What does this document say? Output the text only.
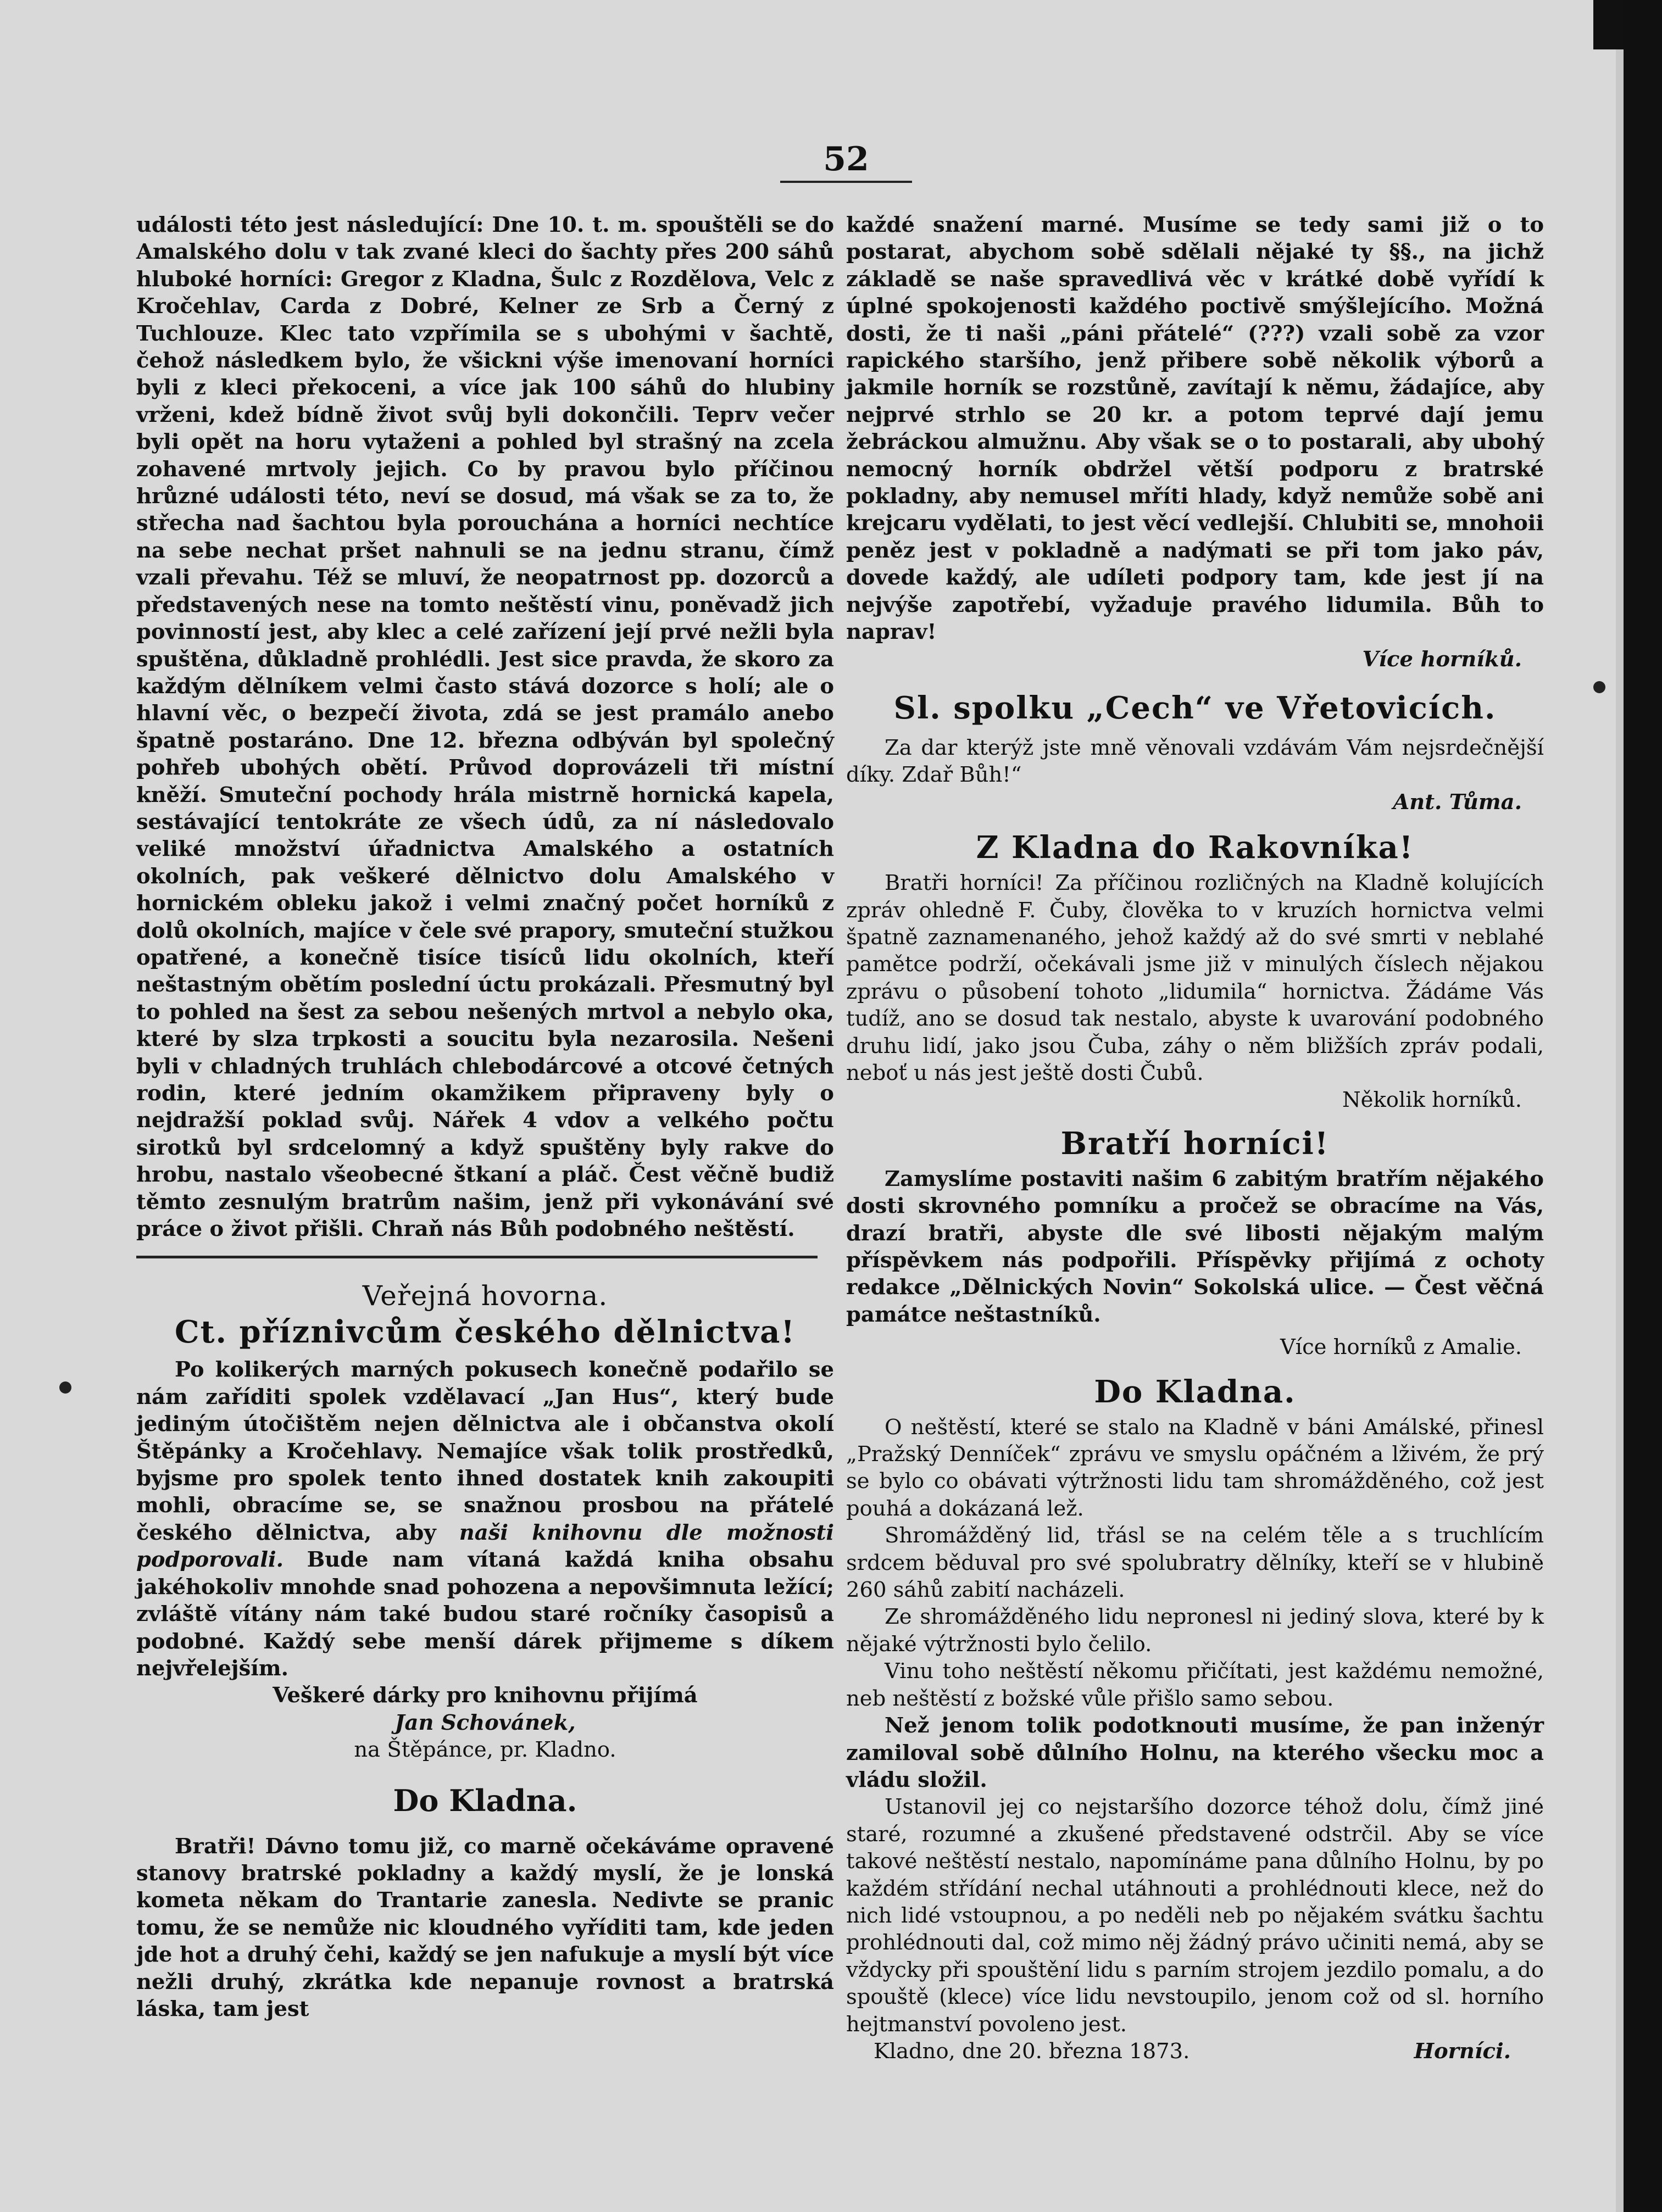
52

události této jest následující: Dne 10. t. m. spouštěli se do Amalského dolu v tak zvané kleci do šachty přes 200 sáhů hluboké horníci: Gregor z Kladna, Šulc z Rozdělova, Velc z Kročehlav, Carda z Dobré, Kelner ze Srb a Černý z Tuchlouze. Klec tato vzpřímila se s ubohými v šachtě, čehož následkem bylo, že všickni výše imenovaní horníci byli z kleci překoceni, a více jak 100 sáhů do hlubiny vrženi, kdež bídně život svůj byli dokončili. Teprv večer byli opět na horu vytaženi a pohled byl strašný na zcela zohavené mrtvoly jejich. Co by pravou bylo příčinou hrůzné události této, neví se dosud, má však se za to, že střecha nad šachtou byla porouchána a horníci nechtíce na sebe nechat pršet nahnuli se na jednu stranu, čímž vzali převahu. Též se mluví, že neopatrnost pp. dozorců a představených nese na tomto neštěstí vinu, poněvadž jich povinností jest, aby klec a celé zařízení její prvé nežli byla spuštěna, důkladně prohlédli. Jest sice pravda, že skoro za každým dělníkem velmi často stává dozorce s holí; ale o hlavní věc, o bezpečí života, zdá se jest pramálo anebo špatně postaráno. Dne 12. března odbýván byl společný pohřeb ubohých obětí. Průvod doprovázeli tři místní kněží. Smuteční pochody hrála mistrně hornická kapela, sestávající tentokráte ze všech údů, za ní následovalo veliké množství úřadnictva Amalského a ostatních okolních, pak veškeré dělnictvo dolu Amalského v hornickém obleku jakož i velmi značný počet horníků z dolů okolních, majíce v čele své prapory, smuteční stužkou opatřené, a konečně tisíce tisíců lidu okolních, kteří neštastným obětím poslední úctu prokázali. Přesmutný byl to pohled na šest za sebou nešených mrtvol a nebylo oka, které by slza trpkosti a soucitu byla nezarosila. Nešeni byli v chladných truhlách chlebodárcové a otcové četných rodin, které jedním okamžikem připraveny byly o nejdražší poklad svůj. Nářek 4 vdov a velkého počtu sirotků byl srdcelomný a když spuštěny byly rakve do hrobu, nastalo všeobecné štkaní a pláč. Čest věčně budiž těmto zesnulým bratrům našim, jenž při vykonávání své práce o život přišli. Chraň nás Bůh podobného neštěstí.

Veřejná hovorna.
Ct. příznivcům českého dělnictva!

Po kolikerých marných pokusech konečně podařilo se nám zaříditi spolek vzdělavací „Jan Hus“, který bude jediným útočištěm nejen dělnictva ale i občanstva okolí Štěpánky a Kročehlavy. Nemajíce však tolik prostředků, byjsme pro spolek tento ihned dostatek knih zakoupiti mohli, obracíme se, se snažnou prosbou na přátelé českého dělnictva, aby naši knihovnu dle možnosti podporovali. Bude nam vítaná každá kniha obsahu jakéhokoliv mnohde snad pohozena a nepovšimnuta ležící; zvláště vítány nám také budou staré ročníky časopisů a podobné. Každý sebe menší dárek přijmeme s díkem nejvřelejším.

Veškeré dárky pro knihovnu přijímá

Jan Schovánek,

na Štěpánce, pr. Kladno.

Do Kladna.

Bratři! Dávno tomu již, co marně očekáváme opravené stanovy bratrské pokladny a každý myslí, že je lonská kometa někam do Trantarie zanesla. Nedivte se pranic tomu, že se nemůže nic kloudného vyříditi tam, kde jeden jde hot a druhý čehi, každý se jen nafukuje a myslí být více nežli druhý, zkrátka kde nepanuje rovnost a bratrská láska, tam jest

každé snažení marné. Musíme se tedy sami již o to postarat, abychom sobě sdělali nějaké ty §§., na jichž základě se naše spravedlivá věc v krátké době vyřídí k úplné spokojenosti každého poctivě smýšlejícího. Možná dosti, že ti naši „páni přátelé“ (???) vzali sobě za vzor rapického staršího, jenž přibere sobě několik výborů a jakmile horník se rozstůně, zavítají k němu, žádajíce, aby nejprvé strhlo se 20 kr. a potom teprvé dají jemu žebráckou almužnu. Aby však se o to postarali, aby ubohý nemocný horník obdržel větší podporu z bratrské pokladny, aby nemusel mříti hlady, když nemůže sobě ani krejcaru vydělati, to jest věcí vedlejší. Chlubiti se, mnohoii peněz jest v pokladně a nadýmati se při tom jako páv, dovede každý, ale udíleti podpory tam, kde jest jí na nejvýše zapotřebí, vyžaduje pravého lidumila. Bůh to naprav!

Více horníků.

Sl. spolku „Cech“ ve Vřetovicích.

Za dar kterýž jste mně věnovali vzdávám Vám nejsrdečnější díky. Zdař Bůh!“

Ant. Tůma.

Z Kladna do Rakovníka!

Bratři horníci! Za příčinou rozličných na Kladně kolujících zpráv ohledně F. Čuby, člověka to v kruzích hornictva velmi špatně zaznamenaného, jehož každý až do své smrti v neblahé pamětce podrží, očekávali jsme již v minulých číslech nějakou zprávu o působení tohoto „lidumila“ hornictva. Žádáme Vás tudíž, ano se dosud tak nestalo, abyste k uvarování podobného druhu lidí, jako jsou Čuba, záhy o něm bližších zpráv podali, neboť u nás jest ještě dosti Čubů.

Několik horníků.

Bratří horníci!

Zamyslíme postaviti našim 6 zabitým bratřím nějakého dosti skrovného pomníku a pročež se obracíme na Vás, drazí bratři, abyste dle své libosti nějakým malým příspěvkem nás podpořili. Příspěvky přijímá z ochoty redakce „Dělnických Novin“ Sokolská ulice. — Čest věčná památce neštastníků.

Více horníků z Amalie.

Do Kladna.

O neštěstí, které se stalo na Kladně v báni Amálské, přinesl „Pražský Denníček“ zprávu ve smyslu opáčném a lživém, že prý se bylo co obávati výtržnosti lidu tam shromážděného, což jest pouhá a dokázaná lež.

Shromážděný lid, třásl se na celém těle a s truchlícím srdcem běduval pro své spolubratry dělníky, kteří se v hlubině 260 sáhů zabití nacházeli.

Ze shromážděného lidu nepronesl ni jediný slova, které by k nějaké výtržnosti bylo čelilo.

Vinu toho neštěstí někomu přičítati, jest každému nemožné, neb neštěstí z božské vůle přišlo samo sebou.

Než jenom tolik podotknouti musíme, že pan inženýr zamiloval sobě důlního Holnu, na kterého všecku moc a vládu složil.

Ustanovil jej co nejstaršího dozorce téhož dolu, čímž jiné staré, rozumné a zkušené představené odstrčil. Aby se více takové neštěstí nestalo, napomínáme pana důlního Holnu, by po každém střídání nechal utáhnouti a prohlédnouti klece, než do nich lidé vstoupnou, a po neděli neb po nějakém svátku šachtu prohlédnouti dal, což mimo něj žádný právo učiniti nemá, aby se vždycky při spouštění lidu s parním strojem jezdilo pomalu, a do spouště (klece) více lidu nevstoupilo, jenom což od sl. horního hejtmanství povoleno jest.

Kladno, dne 20. března 1873.	Horníci.
